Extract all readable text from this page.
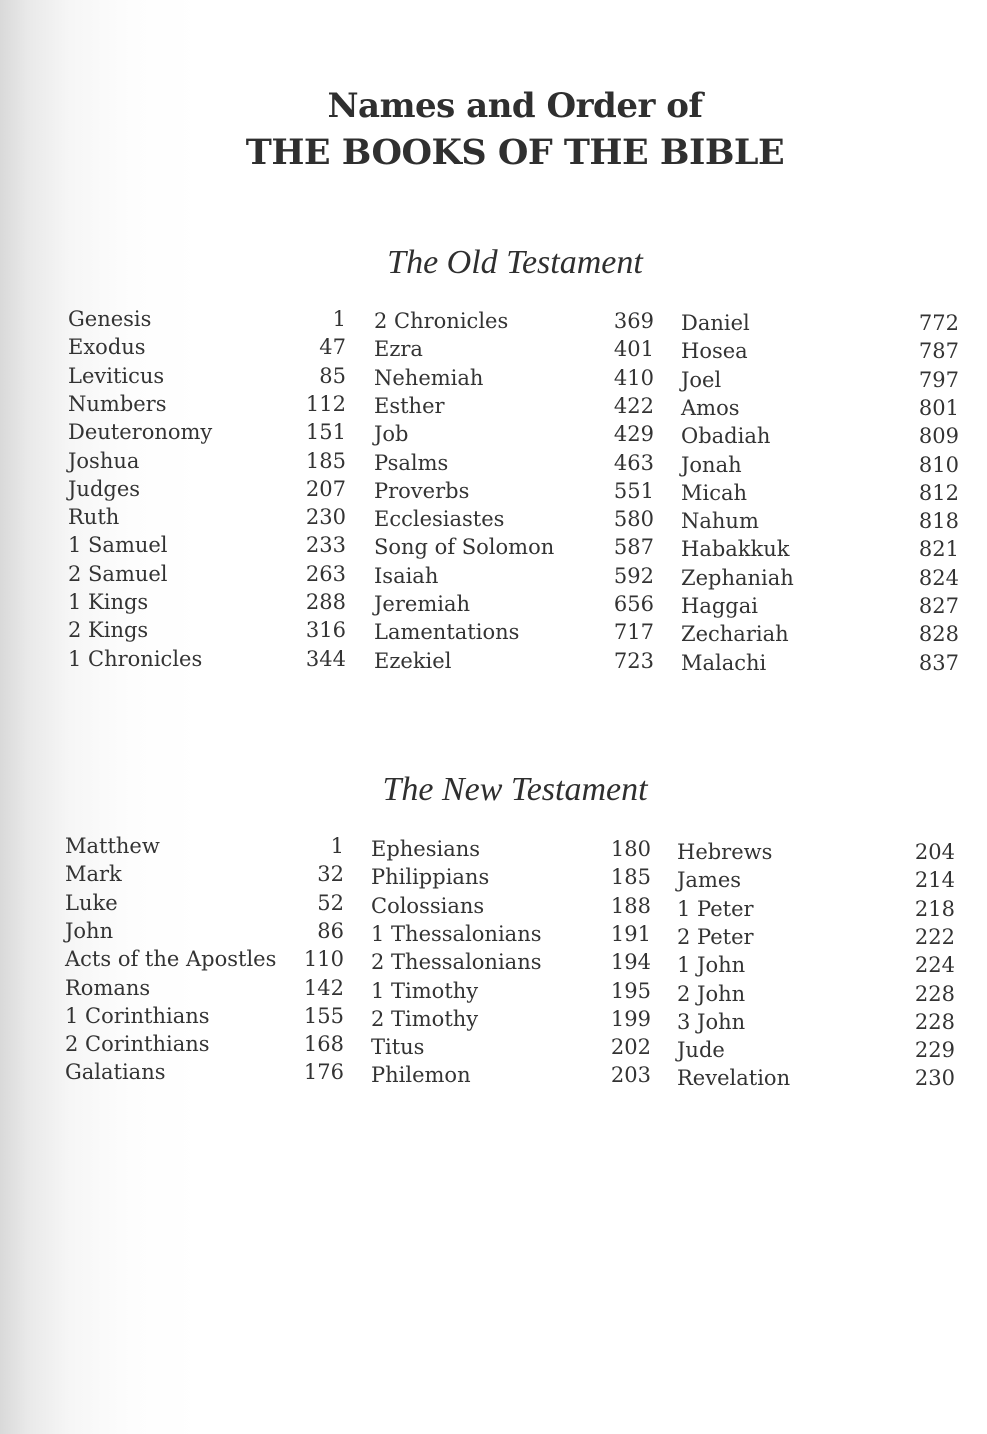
Names and Order of
THE BOOKS OF THE BIBLE
The Old Testament
Genesis	1
Exodus	47
Leviticus	85
Numbers	112
Deuteronomy	151
Joshua	185
Judges	207
Ruth	230
1 Samuel	233
2 Samuel	263
1 Kings	288
2 Kings	316
1 Chronicles	344
2 Chronicles	369
Ezra	401
Nehemiah	410
Esther	422
Job	429
Psalms	463
Proverbs	551
Ecclesiastes	580
Song of Solomon	587
Isaiah	592
Jeremiah	656
Lamentations	717
Ezekiel	723
Daniel	772
Hosea	787
Joel	797
Amos	801
Obadiah	809
Jonah	810
Micah	812
Nahum	818
Habakkuk	821
Zephaniah	824
Haggai	827
Zechariah	828
Malachi	837
The New Testament
Matthew	1
Mark	32
Luke	52
John	86
Acts of the Apostles 110
Romans	142
1 Corinthians	155
2 Corinthians	168
Galatians	176
Ephesians	180
Philippians	185
Colossians	188
1 Thessalonians	191
2 Thessalonians	194
1 Timothy	195
2 Timothy	199
Titus	202
Philemon	203
Hebrews	204
James	214
1 Peter	218
2 Peter	222
1 John	224
2 John	228
3 John	228
Jude	229
Revelation	230
